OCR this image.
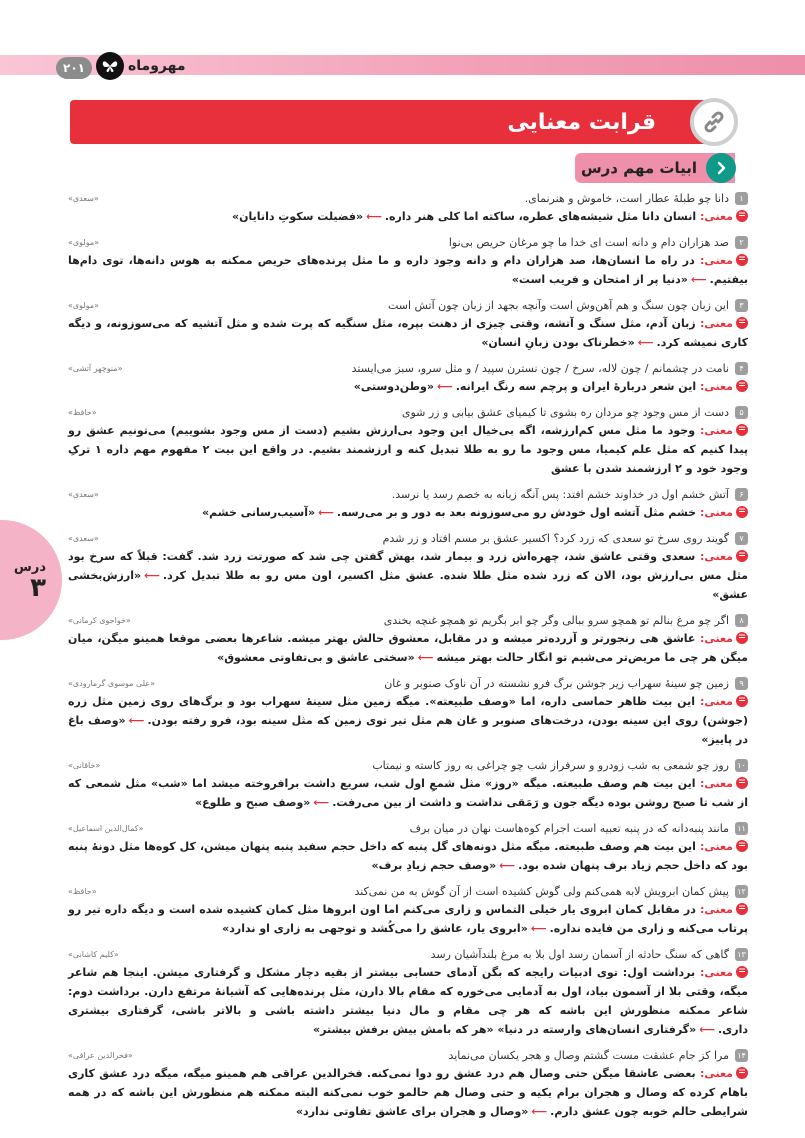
۲۰۱	مهروماه
قرابت معنایی
ابیات مهم درس
درس
۳
۱
دانا چو طبلهٔ عطار است، خاموش و هنرنمای.
«سعدی»
معنی: انسان دانا مثل شیشه‌های عطره، ساکته اما کلی هنر داره.⟵«فضیلت سکوتِ دانایان»
۲
صد هزاران دام و دانه است ای خدا ما چو مرغان حریص بی‌نوا
«مولوی»
معنی: در راه ما انسان‌ها، صد هزاران دام و دانه وجود داره و ما مثل پرنده‌های حریص ممکنه به هوس دانه‌ها، توی دام‌ها بیفتیم.⟵«دنیا پر از امتحان و فریب است»
۳
این زبان چون سنگ و هم آهن‌وش است وآنچه بجهد از زبان چون آتش است
«مولوی»
معنی: زبان آدم، مثل سنگ و آتشه، وقتی چیزی از دهنت بپره، مثل سنگیه که پرت شده و مثل آتشیه که می‌سوزونه، و دیگه کاری نمیشه کرد.⟵«خطرناک بودن زبانِ انسان»
۴
نامت در چشمانم / چون لاله، سرخ / چون نسترن سپید / و مثل سرو، سبز می‌ایستد
«منوچهر آتشی»
معنی: این شعر دربارهٔ ایران و پرچم سه رنگ ایرانه.⟵«وطن‌دوستی»
۵
دست از مس وجود چو مردان ره بشوی تا کیمیای عشق بیابی و زر شوی
«حافظ»
معنی: وجود ما مثل مس کم‌ارزشه، اگه بی‌خیال این وجود بی‌ارزش بشیم (دست از مس وجود بشوییم) می‌تونیم عشق رو پیدا کنیم که مثل علم کیمیا، مس وجود ما رو به طلا تبدیل کنه و ارزشمند بشیم. در واقع این بیت ۲ مفهوم مهم داره ۱ ترکِ وجود خود و ۲ ارزشمند شدن با عشق
۶
آتش خشم اول در خداوند خشم افتد: پس آنگه زبانه به خصم رسد یا نرسد.
«سعدی»
معنی: خشم مثل آتشه اول خودش رو می‌سوزونه بعد به دور و بر می‌رسه.⟵«آسیب‌رسانی خشم»
۷
گویند روی سرخ تو سعدی که زرد کرد؟ اکسیر عشق بر مسم افتاد و زر شدم
«سعدی»
معنی: سعدی وقتی عاشق شد، چهره‌اش زرد و بیمار شد، بهش گفتن چی شد که صورتت زرد شد. گفت: قبلاً که سرخ بود مثل مس بی‌ارزش بود، الان که زرد شده مثل طلا شده. عشق مثل اکسیر، اون مس رو به طلا تبدیل کرد.⟵«ارزش‌بخشی عشق»
۸
اگر چو مرغ بنالم تو همچو سرو ببالی وگر چو ابر بگریم تو همچو غنچه بخندی
«خواجوی کرمانی»
معنی: عاشق هی رنجورتر و آزرده‌تر میشه و در مقابل، معشوق حالش بهتر میشه. شاعرها بعضی موقعا همینو میگن، میان میگن هر چی ما مریض‌تر می‌شیم تو انگار حالت بهتر میشه⟵«سختی عاشق و بی‌تفاوتی معشوق»
۹
زمین چو سینهٔ سهراب زیر جوشن برگ فرو نشسته در آن ناوک صنوبر و غان
«علی موسوی گرمارودی»
معنی: این بیت ظاهر حماسی داره، اما «وصف طبیعته». میگه زمین مثل سینهٔ سهراب بود و برگ‌های روی زمین مثل زره (جوشن) روی این سینه بودن، درخت‌های صنوبر و غان هم مثل تیر توی زمین که مثل سینه بود، فرو رفته بودن.⟵«وصف باغ در پاییز»
۱۰
روز چو شمعی به شب زودرو و سرفراز شب چو چراغی به روز کاسته و نیمتاب
«خاقانی»
معنی: این بیت هم وصف طبیعته. میگه «روز» مثل شمعِ اول شب، سریع داشت برافروخته میشد اما «شب» مثل شمعی که از شب تا صبح روشن بوده دیگه جون و رَمَقی نداشت و داشت از بین می‌رفت.⟵«وصف صبح و طلوع»
۱۱
مانند پنبه‌دانه که در پنبه تعبیه است اجرام کوه‌هاست نهان در میان برف
«کمال‌الدین اسماعیل»
معنی: این بیت هم وصف طبیعته. میگه مثل دونه‌های گل پنبه که داخل حجم سفید پنبه پنهان میشن، کل کوه‌ها مثل دونهٔ پنبه بود که داخل حجم زیاد برف پنهان شده بود.⟵«وصف حجم زیادِ برف»
۱۲
پیش کمان ابرویش لابه همی‌کنم ولی گوش کشیده است از آن گوش به من نمی‌کند
«حافظ»
معنی: در مقابل کمان ابروی یار خیلی التماس و زاری می‌کنم اما اون ابروها مثل کمان کشیده شده است و دیگه داره تیر رو پرتاب می‌کنه و زاری من فایده نداره.⟵«ابروی یار، عاشق را می‌کُشد و توجهی به زاری او ندارد»
۱۳
گاهی که سنگ حادثه از آسمان رسد اول بلا به مرغ بلندآشیان رسد
«کلیم کاشانی»
معنی: برداشت اول: توی ادبیات رایجه که بگن آدمای حسابی بیشتر از بقیه دچار مشکل و گرفتاری میشن. اینجا هم شاعر میگه، وقتی بلا از آسمون بیاد، اول به آدمایی می‌خوره که مقام بالا دارن، مثل پرنده‌هایی که آشیانهٔ مرتفع دارن. برداشت دوم: شاعر ممکنه منظورش این باشه که هر چی مقام و مال دنیا بیشتر داشته باشی و بالاتر باشی، گرفتاری بیشتری داری.⟵«گرفتاری انسان‌های وارسته در دنیا» «هر که بامش بیش برفش بیشتر»
۱۴
مرا کز جام عشقت مست گشتم وصال و هجر یکسان می‌نماید
«فخرالدین عراقی»
معنی: بعضی عاشقا میگن حتی وصال هم درد عشق رو دوا نمی‌کنه. فخرالدین عراقی هم همینو میگه، میگه درد عشق کاری باهام کرده که وصال و هجران برام یکیه و حتی وصال هم حالمو خوب نمی‌کنه البته ممکنه هم منظورش این باشه که در همه شرایطی حالم خوبه چون عشق دارم.⟵«وصال و هجران برای عاشق تفاوتی ندارد»
